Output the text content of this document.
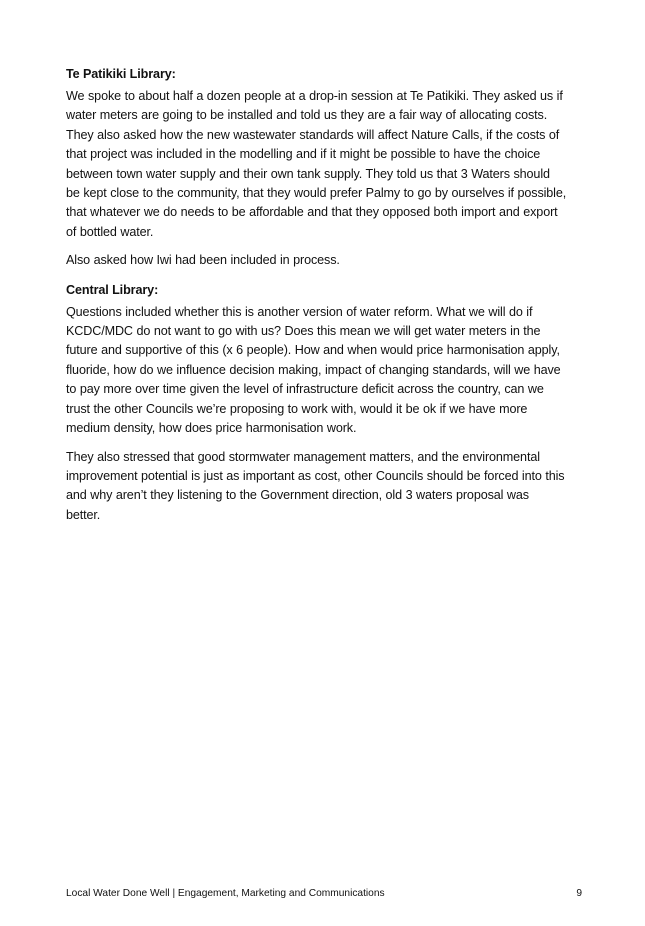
Te Patikiki Library:
We spoke to about half a dozen people at a drop-in session at Te Patikiki. They asked us if
water meters are going to be installed and told us they are a fair way of allocating costs.
They also asked how the new wastewater standards will affect Nature Calls, if the costs of
that project was included in the modelling and if it might be possible to have the choice
between town water supply and their own tank supply. They told us that 3 Waters should
be kept close to the community, that they would prefer Palmy to go by ourselves if possible,
that whatever we do needs to be affordable and that they opposed both import and export
of bottled water.
Also asked how Iwi had been included in process.
Central Library:
Questions included whether this is another version of water reform. What we will do if
KCDC/MDC do not want to go with us? Does this mean we will get water meters in the
future and supportive of this (x 6 people). How and when would price harmonisation apply,
fluoride, how do we influence decision making, impact of changing standards, will we have
to pay more over time given the level of infrastructure deficit across the country, can we
trust the other Councils we’re proposing to work with, would it be ok if we have more
medium density, how does price harmonisation work.
They also stressed that good stormwater management matters, and the environmental
improvement potential is just as important as cost, other Councils should be forced into this
and why aren’t they listening to the Government direction, old 3 waters proposal was
better.
Local Water Done Well | Engagement, Marketing and Communications	9
